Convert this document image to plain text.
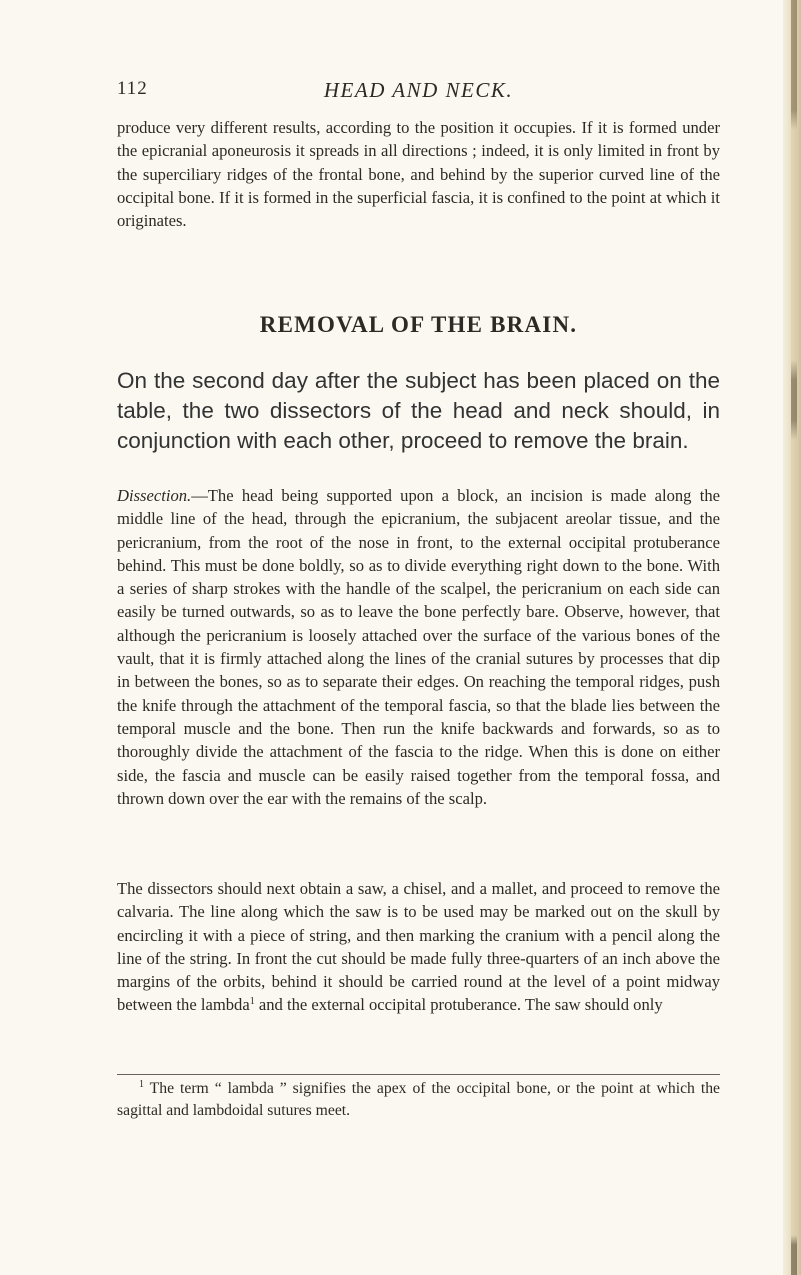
112	HEAD AND NECK.

produce very different results, according to the position it occupies. If it is formed under the epicranial aponeurosis it spreads in all directions ; indeed, it is only limited in front by the superciliary ridges of the frontal bone, and behind by the superior curved line of the occipital bone. If it is formed in the superficial fascia, it is confined to the point at which it originates.

REMOVAL OF THE BRAIN.

On the second day after the subject has been placed on the table, the two dissectors of the head and neck should, in conjunction with each other, proceed to remove the brain.

Dissection.—The head being supported upon a block, an incision is made along the middle line of the head, through the epicranium, the subjacent areolar tissue, and the pericranium, from the root of the nose in front, to the external occipital protuberance behind. This must be done boldly, so as to divide everything right down to the bone. With a series of sharp strokes with the handle of the scalpel, the pericranium on each side can easily be turned outwards, so as to leave the bone perfectly bare. Observe, however, that although the pericranium is loosely attached over the surface of the various bones of the vault, that it is firmly attached along the lines of the cranial sutures by processes that dip in between the bones, so as to separate their edges. On reaching the temporal ridges, push the knife through the attachment of the temporal fascia, so that the blade lies between the temporal muscle and the bone. Then run the knife backwards and forwards, so as to thoroughly divide the attachment of the fascia to the ridge. When this is done on either side, the fascia and muscle can be easily raised together from the temporal fossa, and thrown down over the ear with the remains of the scalp.

The dissectors should next obtain a saw, a chisel, and a mallet, and proceed to remove the calvaria. The line along which the saw is to be used may be marked out on the skull by encircling it with a piece of string, and then marking the cranium with a pencil along the line of the string. In front the cut should be made fully three-quarters of an inch above the margins of the orbits, behind it should be carried round at the level of a point midway between the lambda$^1$ and the external occipital protuberance. The saw should only

$^1$ The term “ lambda ” signifies the apex of the occipital bone, or the point at which the sagittal and lambdoidal sutures meet.
